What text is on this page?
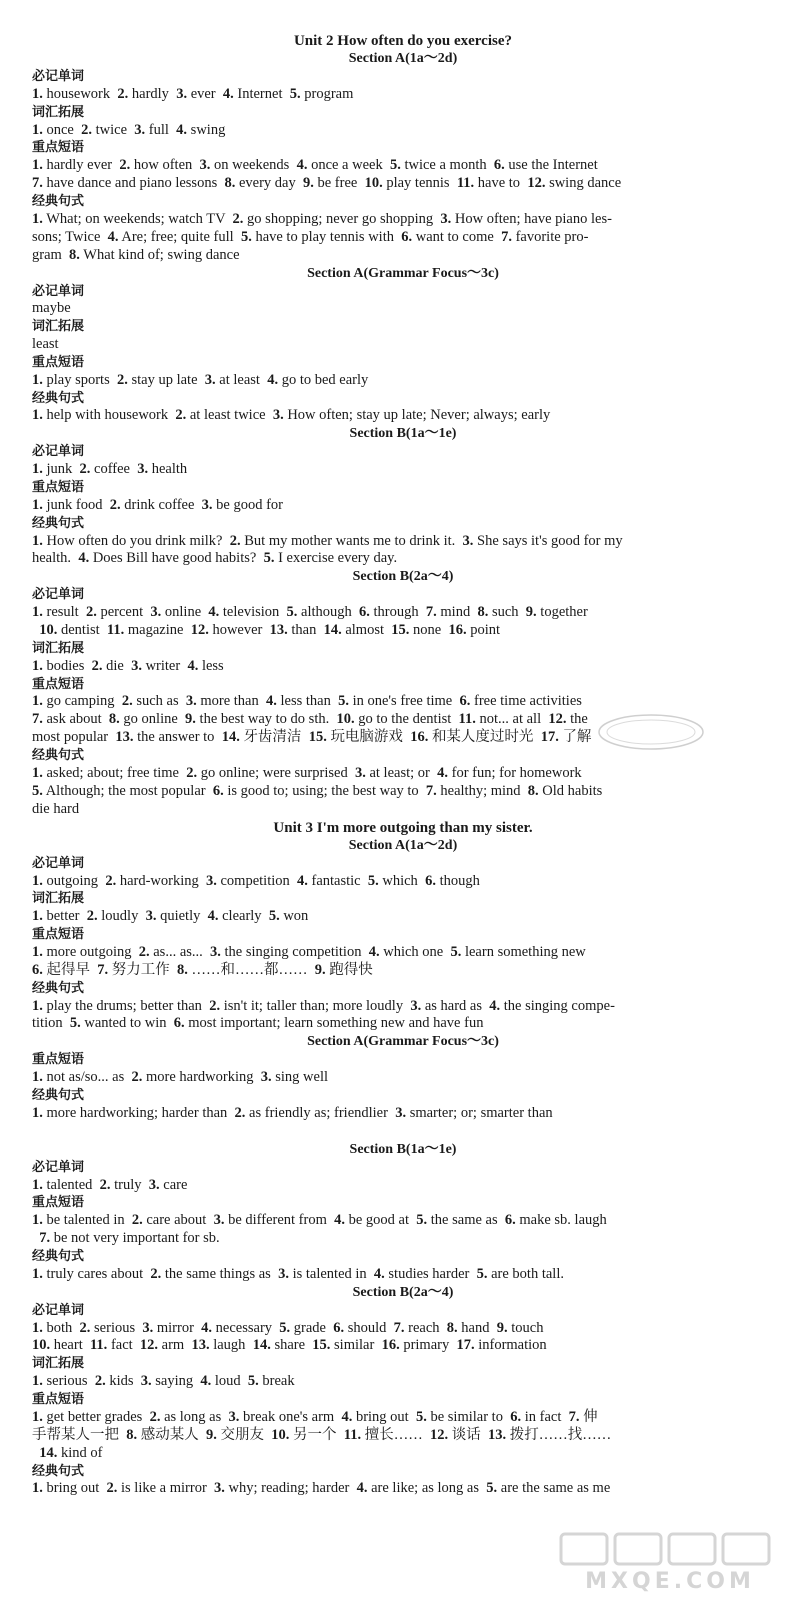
Unit 2 How often do you exercise?
Section A(1a～2d)
必记单词
1. housework  2. hardly  3. ever  4. Internet  5. program
词汇拓展
1. once  2. twice  3. full  4. swing
重点短语
1. hardly ever  2. how often  3. on weekends  4. once a week  5. twice a month  6. use the Internet
7. have dance and piano lessons  8. every day  9. be free  10. play tennis  11. have to  12. swing dance
经典句式
1. What; on weekends; watch TV  2. go shopping; never go shopping  3. How often; have piano les-
sons; Twice  4. Are; free; quite full  5. have to play tennis with  6. want to come  7. favorite pro-
gram  8. What kind of; swing dance
Section A(Grammar Focus～3c)
必记单词
maybe
词汇拓展
least
重点短语
1. play sports  2. stay up late  3. at least  4. go to bed early
经典句式
1. help with housework  2. at least twice  3. How often; stay up late; Never; always; early
Section B(1a～1e)
必记单词
1. junk  2. coffee  3. health
重点短语
1. junk food  2. drink coffee  3. be good for
经典句式
1. How often do you drink milk?  2. But my mother wants me to drink it.  3. She says it's good for my
health.  4. Does Bill have good habits?  5. I exercise every day.
Section B(2a～4)
必记单词
1. result  2. percent  3. online  4. television  5. although  6. through  7. mind  8. such  9. together
10. dentist  11. magazine  12. however  13. than  14. almost  15. none  16. point
词汇拓展
1. bodies  2. die  3. writer  4. less
重点短语
1. go camping  2. such as  3. more than  4. less than  5. in one's free time  6. free time activities
7. ask about  8. go online  9. the best way to do sth.  10. go to the dentist  11. not... at all  12. the
most popular  13. the answer to  14. 牙齿清洁  15. 玩电脑游戏  16. 和某人度过时光  17. 了解
经典句式
1. asked; about; free time  2. go online; were surprised  3. at least; or  4. for fun; for homework
5. Although; the most popular  6. is good to; using; the best way to  7. healthy; mind  8. Old habits
die hard
Unit 3 I'm more outgoing than my sister.
Section A(1a～2d)
必记单词
1. outgoing  2. hard-working  3. competition  4. fantastic  5. which  6. though
词汇拓展
1. better  2. loudly  3. quietly  4. clearly  5. won
重点短语
1. more outgoing  2. as... as...  3. the singing competition  4. which one  5. learn something new
6. 起得早  7. 努力工作  8. ……和……都……  9. 跑得快
经典句式
1. play the drums; better than  2. isn't it; taller than; more loudly  3. as hard as  4. the singing compe-
tition  5. wanted to win  6. most important; learn something new and have fun
Section A(Grammar Focus～3c)
重点短语
1. not as/so... as  2. more hardworking  3. sing well
经典句式
1. more hardworking; harder than  2. as friendly as; friendlier  3. smarter; or; smarter than
Section B(1a～1e)
必记单词
1. talented  2. truly  3. care
重点短语
1. be talented in  2. care about  3. be different from  4. be good at  5. the same as  6. make sb. laugh
7. be not very important for sb.
经典句式
1. truly cares about  2. the same things as  3. is talented in  4. studies harder  5. are both tall.
Section B(2a～4)
必记单词
1. both  2. serious  3. mirror  4. necessary  5. grade  6. should  7. reach  8. hand  9. touch
10. heart  11. fact  12. arm  13. laugh  14. share  15. similar  16. primary  17. information
词汇拓展
1. serious  2. kids  3. saying  4. loud  5. break
重点短语
1. get better grades  2. as long as  3. break one's arm  4. bring out  5. be similar to  6. in fact  7. 伸
手帮某人一把  8. 感动某人  9. 交朋友  10. 另一个  11. 擅长……  12. 谈话  13. 拨打……找……
14. kind of
经典句式
1. bring out  2. is like a mirror  3. why; reading; harder  4. are like; as long as  5. are the same as me
MXQE.COM
